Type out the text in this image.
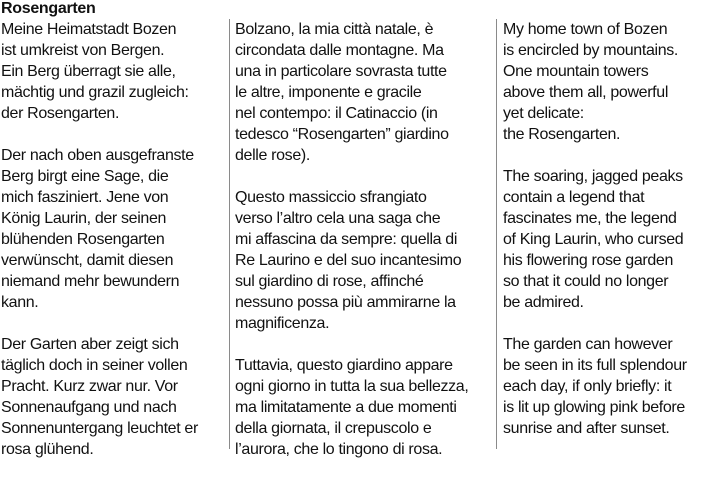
Rosengarten

Meine Heimatstadt Bozen
ist umkreist von Bergen.
Ein Berg überragt sie alle,
mächtig und grazil zugleich:
der Rosengarten.

Der nach oben ausgefranste
Berg birgt eine Sage, die
mich fasziniert. Jene von
König Laurin, der seinen
blühenden Rosengarten
verwünscht, damit diesen
niemand mehr bewundern
kann.

Der Garten aber zeigt sich
täglich doch in seiner vollen
Pracht. Kurz zwar nur. Vor
Sonnenaufgang und nach
Sonnenuntergang leuchtet er
rosa glühend.

Bolzano, la mia città natale, è
circondata dalle montagne. Ma
una in particolare sovrasta tutte
le altre, imponente e gracile
nel contempo: il Catinaccio (in
tedesco “Rosengarten” giardino
delle rose).

Questo massiccio sfrangiato
verso l’altro cela una saga che
mi affascina da sempre: quella di
Re Laurino e del suo incantesimo
sul giardino di rose, affinché
nessuno possa più ammirarne la
magnificenza.

Tuttavia, questo giardino appare
ogni giorno in tutta la sua bellezza,
ma limitatamente a due momenti
della giornata, il crepuscolo e
l’aurora, che lo tingono di rosa.

My home town of Bozen
is encircled by mountains.
One mountain towers
above them all, powerful
yet delicate:
the Rosengarten.

The soaring, jagged peaks
contain a legend that
fascinates me, the legend
of King Laurin, who cursed
his flowering rose garden
so that it could no longer
be admired.

The garden can however
be seen in its full splendour
each day, if only briefly: it
is lit up glowing pink before
sunrise and after sunset.
